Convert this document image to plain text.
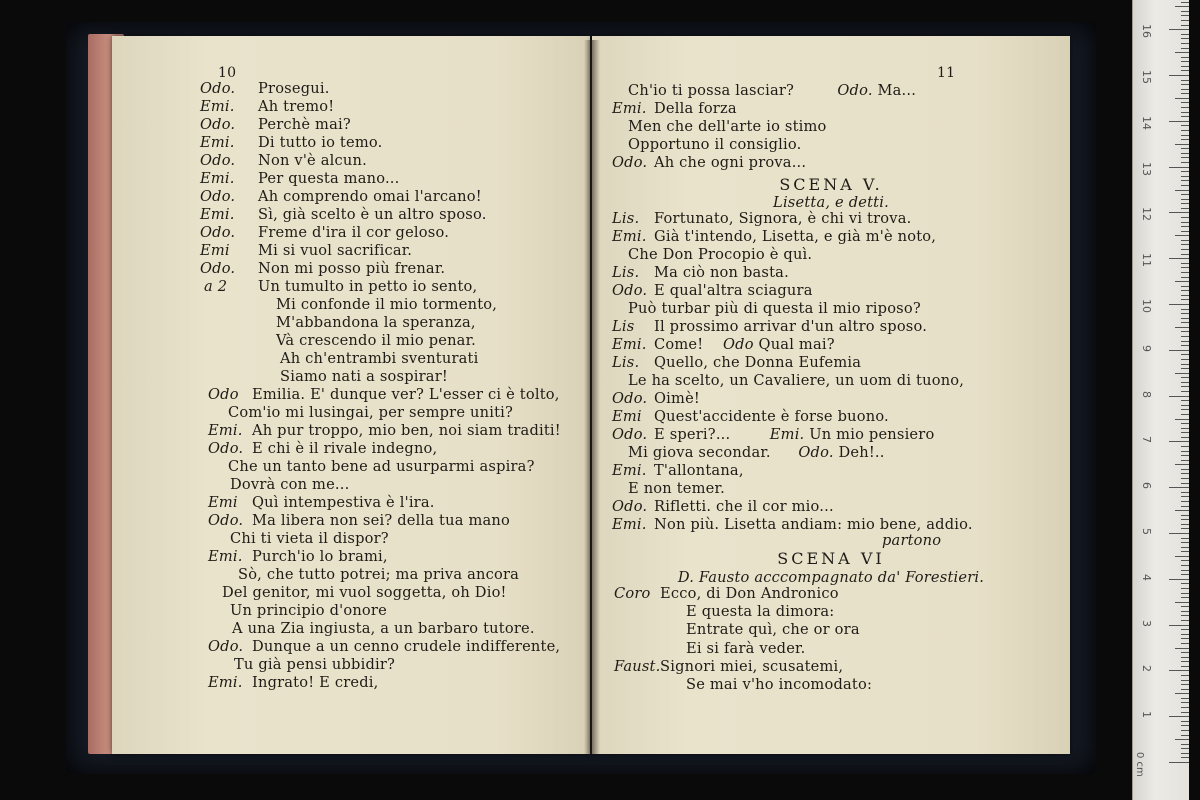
10
Odo. Prosegui.
Emi. Ah tremo!
Odo. Perchè mai?
Emi. Di tutto io temo.
Odo. Non v'è alcun.
Emi. Per questa mano...
Odo. Ah comprendo omai l'arcano!
Emi. Sì, già scelto è un altro sposo.
Odo. Freme d'ira il cor geloso.
Emi Mi si vuol sacrificar.
Odo. Non mi posso più frenar.
a 2 Un tumulto in petto io sento,
Mi confonde il mio tormento,
M'abbandona la speranza,
Và crescendo il mio penar.
Ah ch'entrambi sventurati
Siamo nati a sospirar!
Odo Emilia. E' dunque ver? L'esser ci è tolto,
Com'io mi lusingai, per sempre uniti?
Emi. Ah pur troppo, mio ben, noi siam traditi!
Odo. E chi è il rivale indegno,
Che un tanto bene ad usurparmi aspira?
Dovrà con me...
Emi Quì intempestiva è l'ira.
Odo. Ma libera non sei? della tua mano
Chi ti vieta il dispor?
Emi. Purch'io lo brami,
Sò, che tutto potrei; ma priva ancora
Del genitor, mi vuol soggetta, oh Dio!
Un principio d'onore
A una Zia ingiusta, a un barbaro tutore.
Odo. Dunque a un cenno crudele indifferente,
Tu già pensi ubbidir?
Emi. Ingrato! E credi,
11
Ch'io ti possa lasciar?	Odo. Ma...
Emi. Della forza
Men che dell'arte io stimo
Opportuno il consiglio.
Odo. Ah che ogni prova...
SCENA V.
Lisetta, e detti.
Lis. Fortunato, Signora, è chi vi trova.
Emi. Già t'intendo, Lisetta, e già m'è noto,
Che Don Procopio è quì.
Lis. Ma ciò non basta.
Odo. E qual'altra sciagura
Può turbar più di questa il mio riposo?
Lis Il prossimo arrivar d'un altro sposo.
Emi. Come! Odo Qual mai?
Lis. Quello, che Donna Eufemia
Le ha scelto, un Cavaliere, un uom di tuono,
Odo. Oimè!
Emi Quest'accidente è forse buono.
Odo. E speri?...	Emi. Un mio pensiero
Mi giova secondar. Odo. Deh!..
Emi. T'allontana,
E non temer.
Odo. Rifletti. che il cor mio...
Emi. Non più. Lisetta andiam: mio bene, addio.
partono
SCENA VI
D. Fausto acccompagnato da' Forestieri.
Coro Ecco, di Don Andronico
E questa la dimora:
Entrate quì, che or ora
Ei si farà veder.
Faust. Signori miei, scusatemi,
Se mai v'ho incomodato:
0 cm
1
2
3
4
5
6
7
8
9
10
11
12
13
14
15
16
